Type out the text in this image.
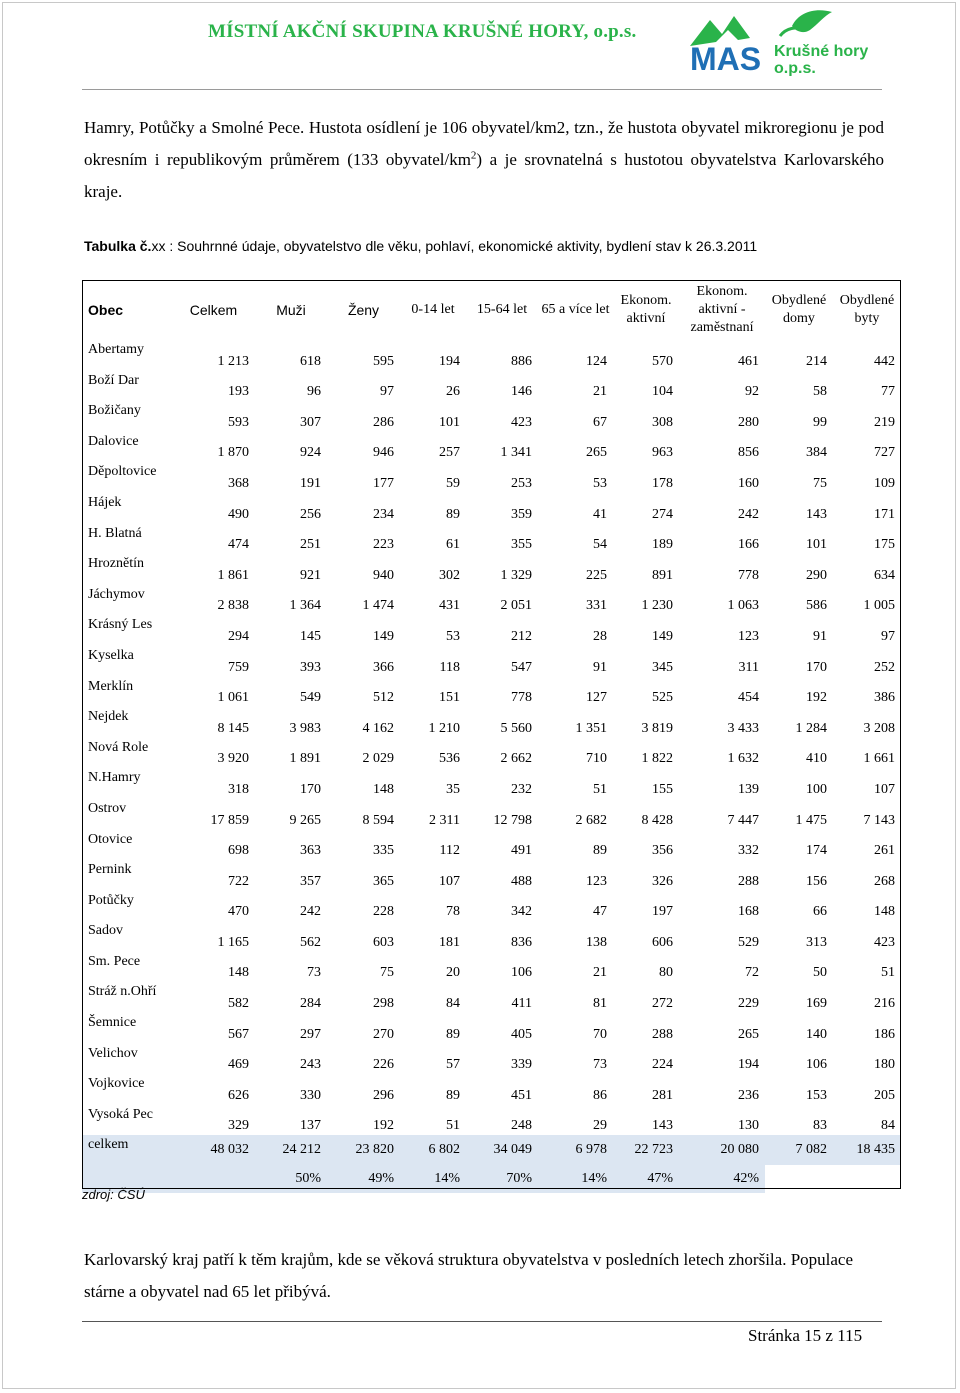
MÍSTNÍ AKČNÍ SKUPINA KRUŠNÉ HORY, o.p.s.
MAS Krušné hory
o.p.s.
Hamry, Potůčky a Smolné Pece. Hustota osídlení je 106 obyvatel/km2, tzn., že hustota obyvatel mikroregionu je pod okresním i republikovým průměrem (133 obyvatel/$km^2$) a je srovnatelná s hustotou obyvatelstva Karlovarského kraje.
Tabulka č.xx : Souhrnné údaje, obyvatelstvo dle věku, pohlaví, ekonomické aktivity, bydlení stav k 26.3.2011
Obec	Celkem	Muži	Ženy	0-14 let	15-64 let	65 a více let	Ekonom. aktivní	Ekonom. aktivní - zaměstnaní	Obydlené domy	Obydlené byty
Abertamy	1 213	618	595	194	886	124	570	461	214	442
Boží Dar	193	96	97	26	146	21	104	92	58	77
Božičany	593	307	286	101	423	67	308	280	99	219
Dalovice	1 870	924	946	257	1 341	265	963	856	384	727
Děpoltovice	368	191	177	59	253	53	178	160	75	109
Hájek	490	256	234	89	359	41	274	242	143	171
H. Blatná	474	251	223	61	355	54	189	166	101	175
Hroznětín	1 861	921	940	302	1 329	225	891	778	290	634
Jáchymov	2 838	1 364	1 474	431	2 051	331	1 230	1 063	586	1 005
Krásný Les	294	145	149	53	212	28	149	123	91	97
Kyselka	759	393	366	118	547	91	345	311	170	252
Merklín	1 061	549	512	151	778	127	525	454	192	386
Nejdek	8 145	3 983	4 162	1 210	5 560	1 351	3 819	3 433	1 284	3 208
Nová Role	3 920	1 891	2 029	536	2 662	710	1 822	1 632	410	1 661
N.Hamry	318	170	148	35	232	51	155	139	100	107
Ostrov	17 859	9 265	8 594	2 311	12 798	2 682	8 428	7 447	1 475	7 143
Otovice	698	363	335	112	491	89	356	332	174	261
Pernink	722	357	365	107	488	123	326	288	156	268
Potůčky	470	242	228	78	342	47	197	168	66	148
Sadov	1 165	562	603	181	836	138	606	529	313	423
Sm. Pece	148	73	75	20	106	21	80	72	50	51
Stráž n.Ohří	582	284	298	84	411	81	272	229	169	216
Šemnice	567	297	270	89	405	70	288	265	140	186
Velichov	469	243	226	57	339	73	224	194	106	180
Vojkovice	626	330	296	89	451	86	281	236	153	205
Vysoká Pec	329	137	192	51	248	29	143	130	83	84
celkem	48 032	24 212	23 820	6 802	34 049	6 978	22 723	20 080	7 082	18 435
		50%	49%	14%	70%	14%	47%	42%		
zdroj: ČSÚ
Karlovarský kraj patří k těm krajům, kde se věková struktura obyvatelstva v posledních letech zhoršila. Populace stárne a obyvatel nad 65 let přibývá.
Stránka 15 z 115
